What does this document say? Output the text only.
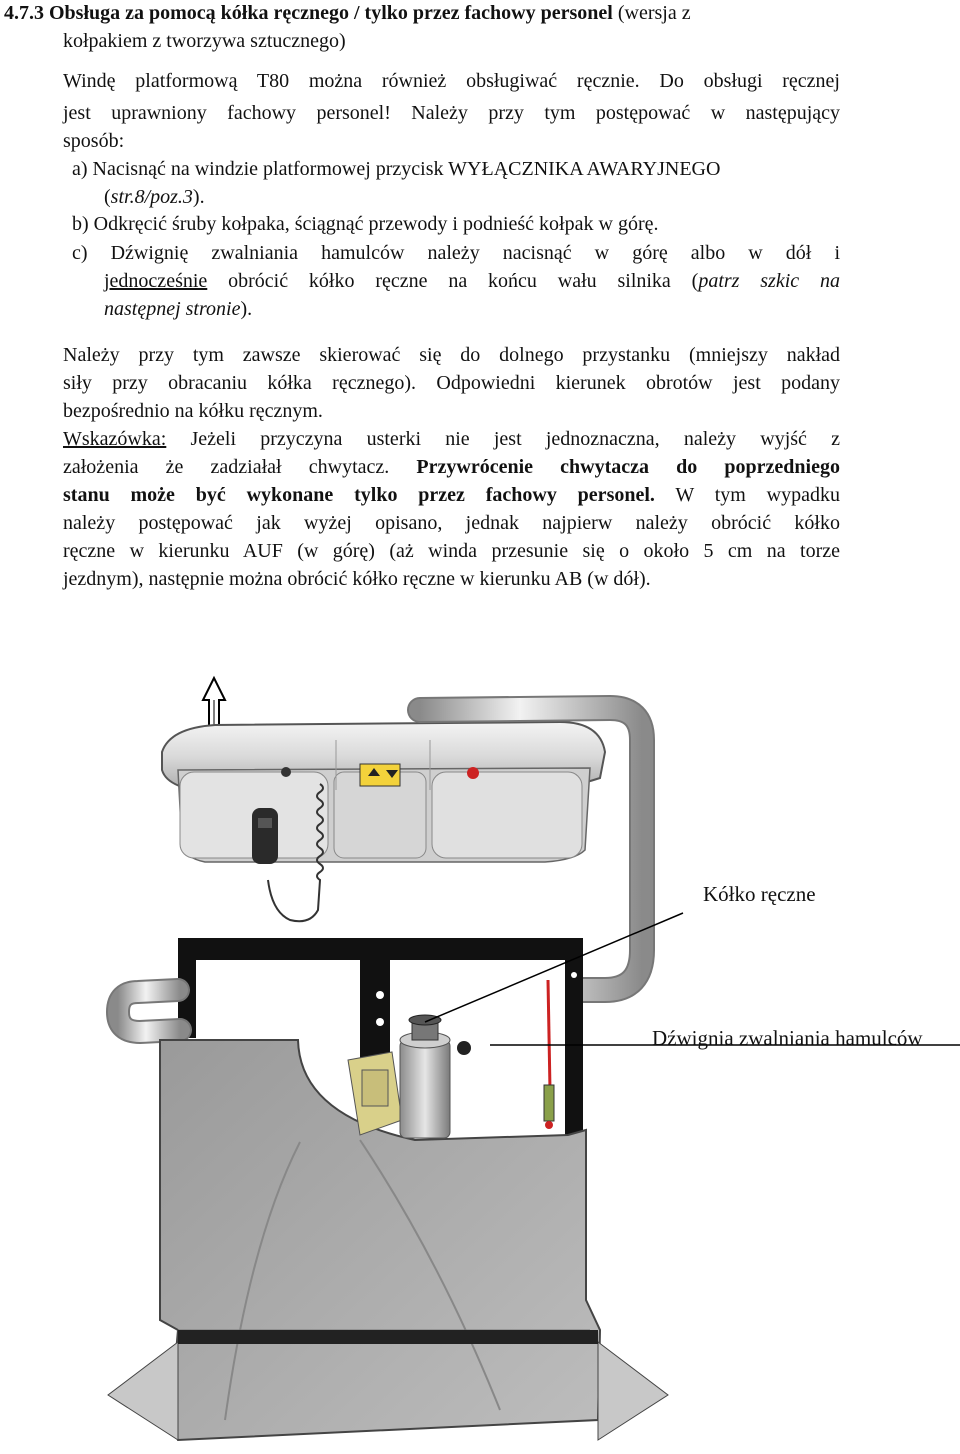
4.7.3 Obsługa za pomocą kółka ręcznego / tylko przez fachowy personel (wersja z
kołpakiem z tworzywa sztucznego)
Windę platformową T80 można również obsługiwać ręcznie. Do obsługi ręcznej
jest uprawniony fachowy personel! Należy przy tym postępować w następujący
sposób:
a) Nacisnąć na windzie platformowej przycisk WYŁĄCZNIKA AWARYJNEGO
(str.8/poz.3).
b) Odkręcić śruby kołpaka, ściągnąć przewody i podnieść kołpak w górę.
c) Dźwignię zwalniania hamulców należy nacisnąć w górę albo w dół i
jednocześnie obrócić kółko ręczne na końcu wału silnika (patrz szkic na
następnej stronie).
Należy przy tym zawsze skierować się do dolnego przystanku (mniejszy nakład
siły przy obracaniu kółka ręcznego). Odpowiedni kierunek obrotów jest podany
bezpośrednio na kółku ręcznym.
Wskazówka: Jeżeli przyczyna usterki nie jest jednoznaczna, należy wyjść z
założenia że zadziałał chwytacz. Przywrócenie chwytacza do poprzedniego
stanu może być wykonane tylko przez fachowy personel. W tym wypadku
należy postępować jak wyżej opisano, jednak najpierw należy obrócić kółko
ręczne w kierunku AUF (w górę) (aż winda przesunie się o około 5 cm na torze
jezdnym), następnie można obrócić kółko ręczne w kierunku AB (w dół).
Kółko ręczne
Dźwignia zwalniania hamulców
